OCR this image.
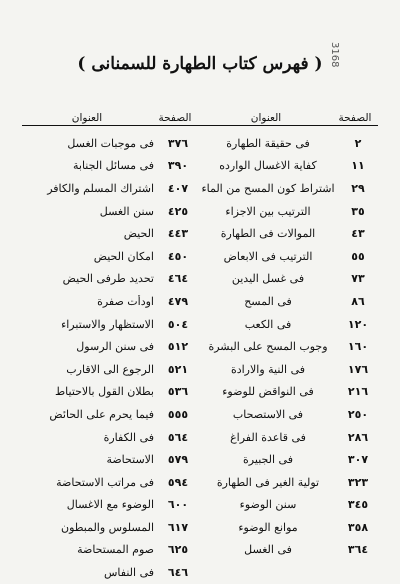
3168
( فهرس كتاب الطهارة للسمنانى )
الصفحة
العنوان
٢
فى حقيقة الطهارة
١١
كفاية الاغسال الوارده
٢٩
اشتراط كون المسح من الماء
٣٥
الترتيب بين الاجزاء
٤٣
الموالات فى الطهارة
٥٥
الترتيب فى الابعاض
٧٣
فى غسل اليدين
٨٦
فى المسح
١٢٠
فى الكعب
١٦٠
وجوب المسح على البشرة
١٧٦
فى النية والارادة
٢١٦
فى النواقض للوضوء
٢٥٠
فى الاستصحاب
٢٨٦
فى قاعدة الفراغ
٣٠٧
فى الجبيرة
٣٢٣
تولية الغير فى الطهارة
٣٤٥
سنن الوضوء
٣٥٨
موانع الوضوء
٣٦٤
فى الغسل
الصفحة
العنوان
٣٧٦
فى موجبات الغسل
٣٩٠
فى مسائل الجنابة
٤٠٧
اشتراك المسلم والكافر
٤٢٥
سنن الغسل
٤٤٣
الحيض
٤٥٠
امكان الحيض
٤٦٤
تحديد طرفى الحيض
٤٧٩
اودأت صفرة
٥٠٤
الاستظهار والاستبراء
٥١٢
فى سنن الرسول
٥٢١
الرجوع الى الاقارب
٥٣٦
بطلان القول بالاحتياط
٥٥٥
فيما يحرم على الحائض
٥٦٤
فى الكفارة
٥٧٩
الاستحاضة
٥٩٤
فى مراتب الاستحاضة
٦٠٠
الوضوء مع الاغسال
٦١٧
المسلوس والمبطون
٦٢٥
صوم المستحاضة
٦٤٦
فى النفاس
